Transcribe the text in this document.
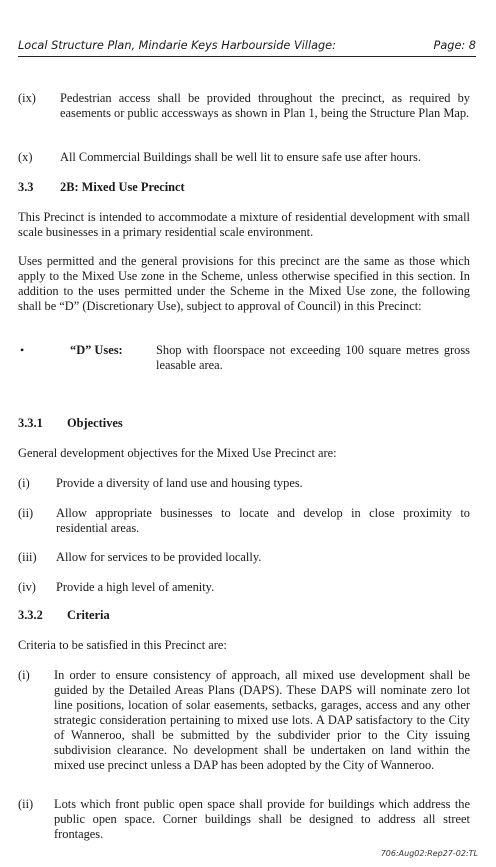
Local Structure Plan, Mindarie Keys Harbourside Village:	Page: 8
(ix) Pedestrian access shall be provided throughout the precinct, as required by easements or public accessways as shown in Plan 1, being the Structure Plan Map.
(x) All Commercial Buildings shall be well lit to ensure safe use after hours.
3.3 2B: Mixed Use Precinct
This Precinct is intended to accommodate a mixture of residential development with small scale businesses in a primary residential scale environment.
Uses permitted and the general provisions for this precinct are the same as those which apply to the Mixed Use zone in the Scheme, unless otherwise specified in this section. In addition to the uses permitted under the Scheme in the Mixed Use zone, the following shall be “D” (Discretionary Use), subject to approval of Council) in this Precinct:
•	“D” Uses:	Shop with floorspace not exceeding 100 square metres gross leasable area.
3.3.1 Objectives
General development objectives for the Mixed Use Precinct are:
(i) Provide a diversity of land use and housing types.
(ii) Allow appropriate businesses to locate and develop in close proximity to residential areas.
(iii) Allow for services to be provided locally.
(iv) Provide a high level of amenity.
3.3.2 Criteria
Criteria to be satisfied in this Precinct are:
(i) In order to ensure consistency of approach, all mixed use development shall be guided by the Detailed Areas Plans (DAPS). These DAPS will nominate zero lot line positions, location of solar easements, setbacks, garages, access and any other strategic consideration pertaining to mixed use lots. A DAP satisfactory to the City of Wanneroo, shall be submitted by the subdivider prior to the City issuing subdivision clearance. No development shall be undertaken on land within the mixed use precinct unless a DAP has been adopted by the City of Wanneroo.
(ii) Lots which front public open space shall provide for buildings which address the public open space. Corner buildings shall be designed to address all street frontages.
706:Aug02:Rep27-02:TL
